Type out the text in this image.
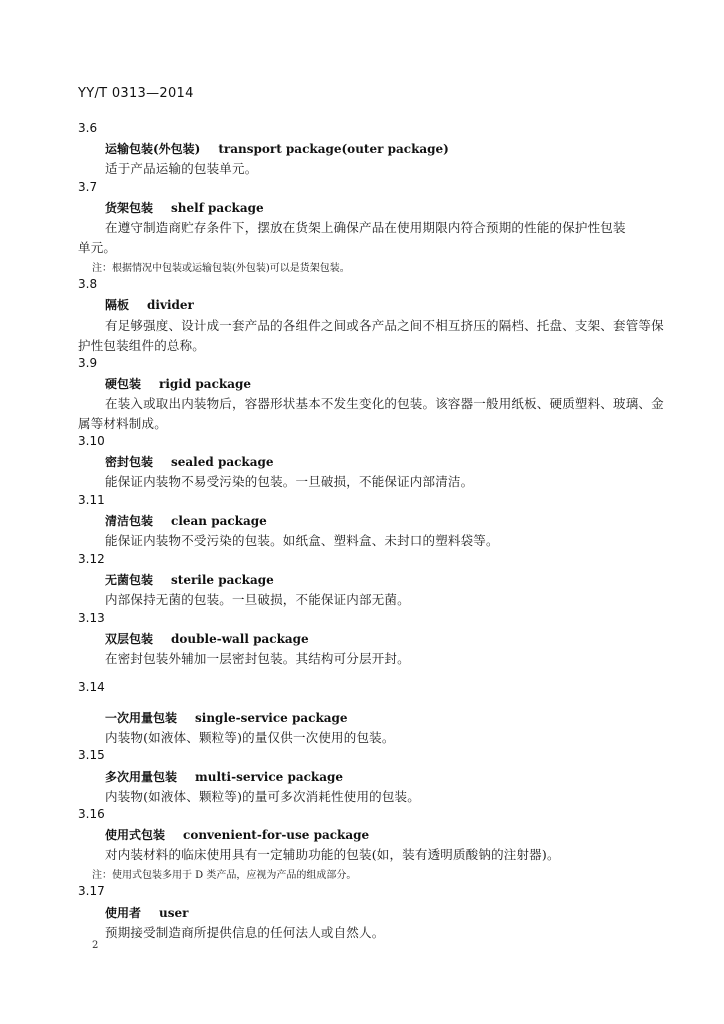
YY/T 0313—2014
3.6
运输包装(外包装) transport package(outer package)
适于产品运输的包装单元。
3.7
货架包装 shelf package
在遵守制造商贮存条件下，摆放在货架上确保产品在使用期限内符合预期的性能的保护性包装
单元。
注：根据情况中包装或运输包装(外包装)可以是货架包装。
3.8
隔板 divider
有足够强度、设计成一套产品的各组件之间或各产品之间不相互挤压的隔档、托盘、支架、套管等保
护性包装组件的总称。
3.9
硬包装 rigid package
在装入或取出内装物后，容器形状基本不发生变化的包装。该容器一般用纸板、硬质塑料、玻璃、金
属等材料制成。
3.10
密封包装 sealed package
能保证内装物不易受污染的包装。一旦破损，不能保证内部清洁。
3.11
清洁包装 clean package
能保证内装物不受污染的包装。如纸盒、塑料盒、未封口的塑料袋等。
3.12
无菌包装 sterile package
内部保持无菌的包装。一旦破损，不能保证内部无菌。
3.13
双层包装 double-wall package
在密封包装外辅加一层密封包装。其结构可分层开封。
3.14
一次用量包装 single-service package
内装物(如液体、颗粒等)的量仅供一次使用的包装。
3.15
多次用量包装 multi-service package
内装物(如液体、颗粒等)的量可多次消耗性使用的包装。
3.16
使用式包装 convenient-for-use package
对内装材料的临床使用具有一定辅助功能的包装(如，装有透明质酸钠的注射器)。
注：使用式包装多用于 D 类产品，应视为产品的组成部分。
3.17
使用者 user
预期接受制造商所提供信息的任何法人或自然人。
2
